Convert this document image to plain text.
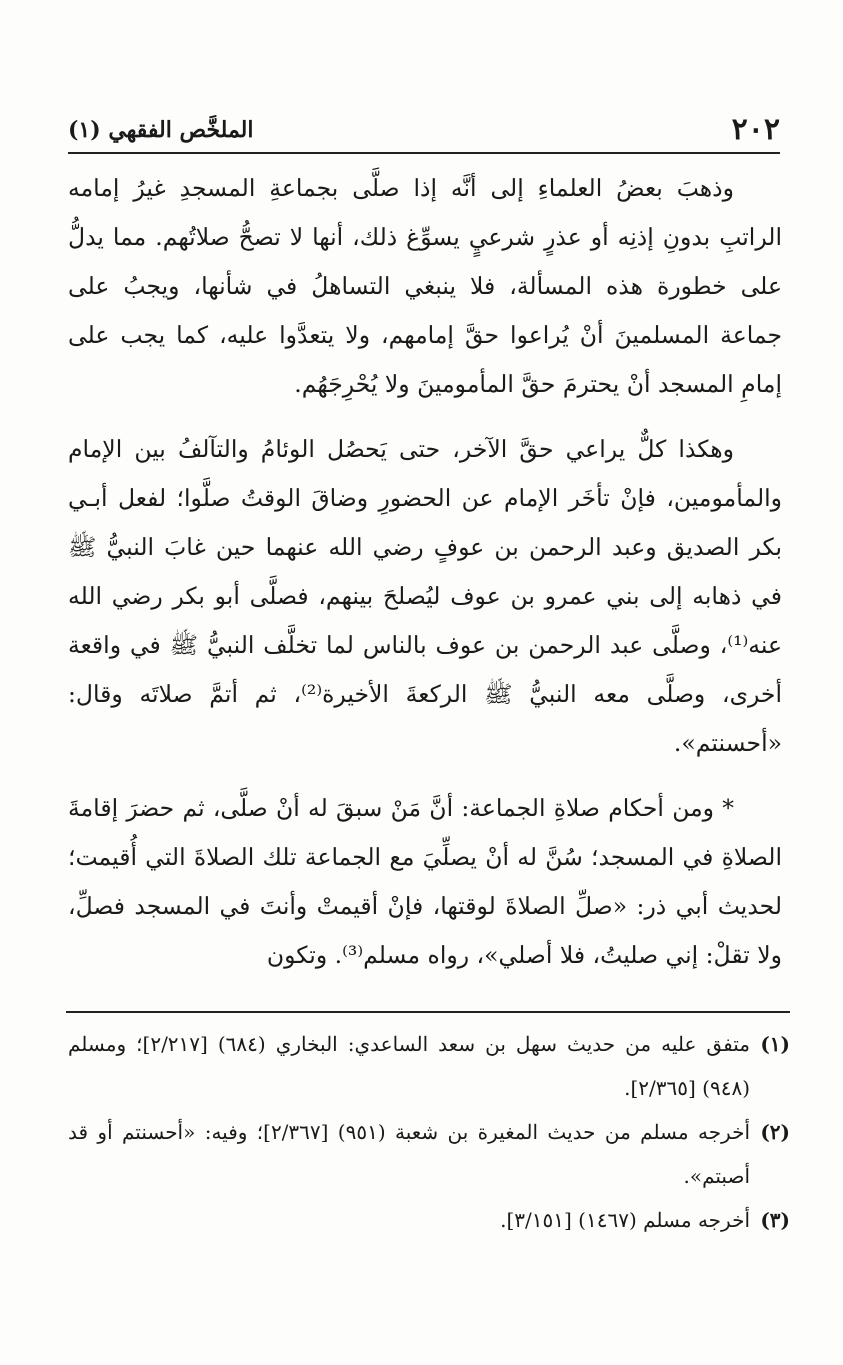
٢٠٢
الملخَّص الفقهي (١)

وذهبَ بعضُ العلماءِ إلى أنَّه إذا صلَّى بجماعةِ المسجدِ غيرُ إمامه الراتبِ بدونِ إذنِه أو عذرٍ شرعيٍ يسوِّغ ذلك، أنها لا تصحُّ صلاتُهم. مما يدلُّ على خطورة هذه المسألة، فلا ينبغي التساهلُ في شأنها، ويجبُ على جماعة المسلمينَ أنْ يُراعوا حقَّ إمامهم، ولا يتعدَّوا عليه، كما يجب على إمامِ المسجد أنْ يحترمَ حقَّ المأمومينَ ولا يُحْرِجَهُم.

وهكذا كلٌّ يراعي حقَّ الآخر، حتى يَحصُل الوئامُ والتآلفُ بين الإمام والمأمومين، فإنْ تأخَر الإمام عن الحضورِ وضاقَ الوقتُ صلَّوا؛ لفعل أبـي بكر الصديق وعبد الرحمن بن عوفٍ رضي الله عنهما حين غابَ النبيُّ ﷺ في ذهابه إلى بني عمرو بن عوف ليُصلحَ بينهم، فصلَّى أبو بكر رضي الله عنه⁽¹⁾، وصلَّى عبد الرحمن بن عوف بالناس لما تخلَّف النبيُّ ﷺ في واقعة أخرى، وصلَّى معه النبيُّ ﷺ الركعةَ الأخيرة⁽²⁾، ثم أتمَّ صلاتَه وقال: «أحسنتم».

* ومن أحكام صلاةِ الجماعة: أنَّ مَنْ سبقَ له أنْ صلَّى، ثم حضرَ إقامةَ الصلاةِ في المسجد؛ سُنَّ له أنْ يصلِّيَ مع الجماعة تلك الصلاةَ التي أُقيمت؛ لحديث أبي ذر: «صلِّ الصلاةَ لوقتها، فإنْ أقيمتْ وأنتَ في المسجد فصلِّ، ولا تقلْ: إني صليتُ، فلا أصلي»، رواه مسلم⁽³⁾. وتكون

(١)
متفق عليه من حديث سهل بن سعد الساعدي: البخاري (٦٨٤) [٢/٢١٧]؛ ومسلم (٩٤٨) [٢/٣٦٥].
(٢)
أخرجه مسلم من حديث المغيرة بن شعبة (٩٥١) [٢/٣٦٧]؛ وفيه: «أحسنتم أو قد أصبتم».
(٣)
أخرجه مسلم (١٤٦٧) [٣/١٥١].
